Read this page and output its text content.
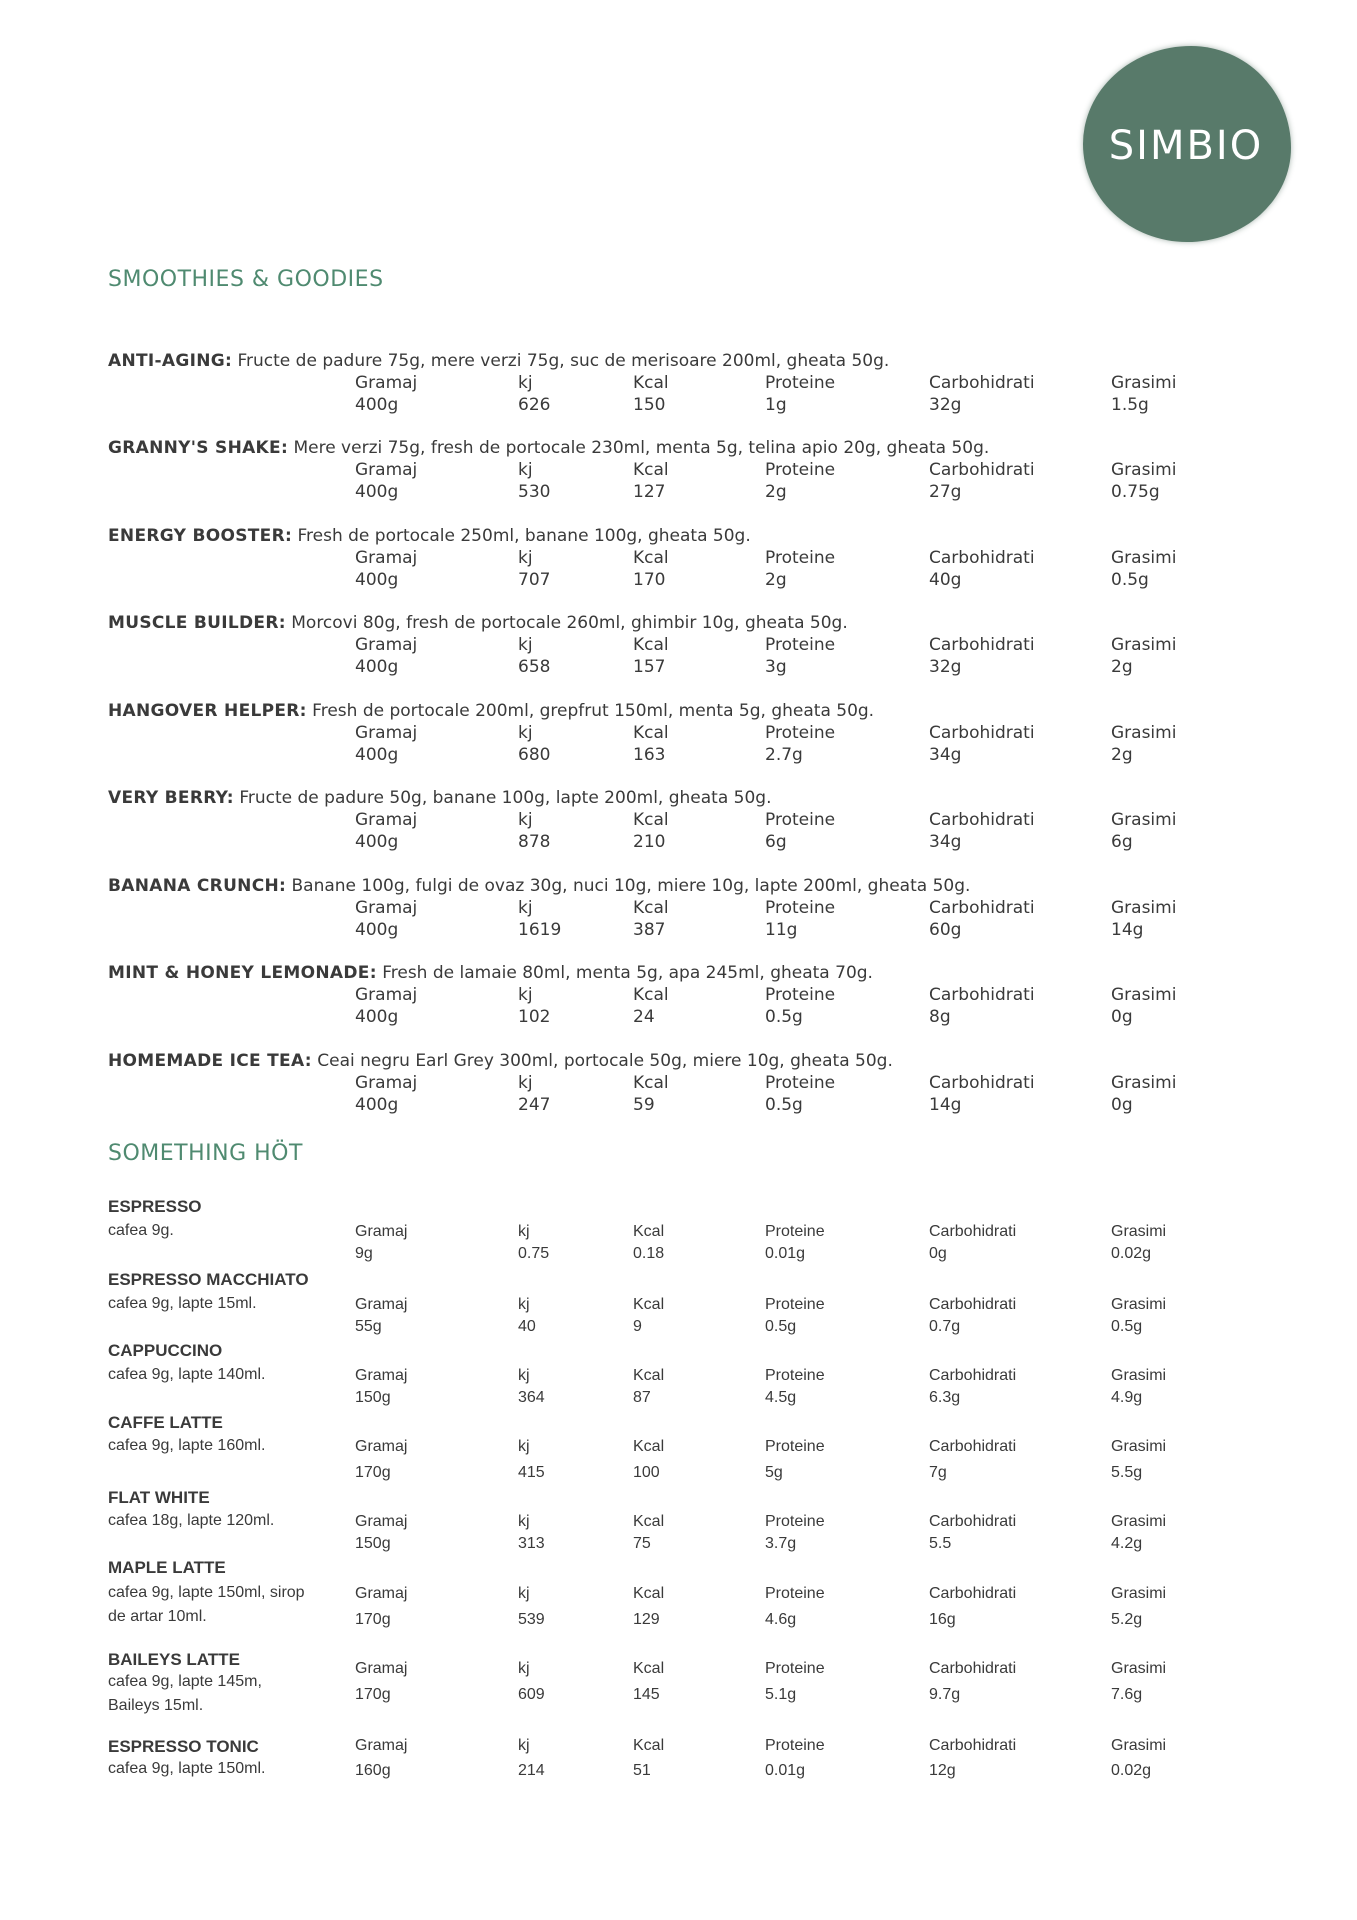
SIMBIO
SMOOTHIES & GOODIES
SOMETHING HÖT
ANTI-AGING: Fructe de padure 75g, mere verzi 75g, suc de merisoare 200ml, gheata 50g.
Gramaj	kj	Kcal	Proteine	Carbohidrati	Grasimi
400g	626	150	1g	32g	1.5g
GRANNY'S SHAKE: Mere verzi 75g, fresh de portocale 230ml, menta 5g, telina apio 20g, gheata 50g.
Gramaj	kj	Kcal	Proteine	Carbohidrati	Grasimi
400g	530	127	2g	27g	0.75g
ENERGY BOOSTER: Fresh de portocale 250ml, banane 100g, gheata 50g.
Gramaj	kj	Kcal	Proteine	Carbohidrati	Grasimi
400g	707	170	2g	40g	0.5g
MUSCLE BUILDER: Morcovi 80g, fresh de portocale 260ml, ghimbir 10g, gheata 50g.
Gramaj	kj	Kcal	Proteine	Carbohidrati	Grasimi
400g	658	157	3g	32g	2g
HANGOVER HELPER: Fresh de portocale 200ml, grepfrut 150ml, menta 5g, gheata 50g.
Gramaj	kj	Kcal	Proteine	Carbohidrati	Grasimi
400g	680	163	2.7g	34g	2g
VERY BERRY: Fructe de padure 50g, banane 100g, lapte 200ml, gheata 50g.
Gramaj	kj	Kcal	Proteine	Carbohidrati	Grasimi
400g	878	210	6g	34g	6g
BANANA CRUNCH: Banane 100g, fulgi de ovaz 30g, nuci 10g, miere 10g, lapte 200ml, gheata 50g.
Gramaj	kj	Kcal	Proteine	Carbohidrati	Grasimi
400g	1619	387	11g	60g	14g
MINT & HONEY LEMONADE: Fresh de lamaie 80ml, menta 5g, apa 245ml, gheata 70g.
Gramaj	kj	Kcal	Proteine	Carbohidrati	Grasimi
400g	102	24	0.5g	8g	0g
HOMEMADE ICE TEA: Ceai negru Earl Grey 300ml, portocale 50g, miere 10g, gheata 50g.
Gramaj	kj	Kcal	Proteine	Carbohidrati	Grasimi
400g	247	59	0.5g	14g	0g
ESPRESSO
cafea 9g.	Gramaj	kj	Kcal	Proteine	Carbohidrati	Grasimi
9g	0.75	0.18	0.01g	0g	0.02g
ESPRESSO MACCHIATO
cafea 9g, lapte 15ml.	Gramaj	kj	Kcal	Proteine	Carbohidrati	Grasimi
55g	40	9	0.5g	0.7g	0.5g
CAPPUCCINO
cafea 9g, lapte 140ml.	Gramaj	kj	Kcal	Proteine	Carbohidrati	Grasimi
150g	364	87	4.5g	6.3g	4.9g
CAFFE LATTE
cafea 9g, lapte 160ml.	Gramaj	kj	Kcal	Proteine	Carbohidrati	Grasimi
170g	415	100	5g	7g	5.5g
FLAT WHITE
cafea 18g, lapte 120ml.	Gramaj	kj	Kcal	Proteine	Carbohidrati	Grasimi
150g	313	75	3.7g	5.5	4.2g
MAPLE LATTE
cafea 9g, lapte 150ml, sirop de artar 10ml.
Gramaj	kj	Kcal	Proteine	Carbohidrati	Grasimi
170g	539	129	4.6g	16g	5.2g
BAILEYS LATTE
cafea 9g, lapte 145m, Baileys 15ml.
Gramaj	kj	Kcal	Proteine	Carbohidrati	Grasimi
170g	609	145	5.1g	9.7g	7.6g
ESPRESSO TONIC
cafea 9g, lapte 150ml.
Gramaj	kj	Kcal	Proteine	Carbohidrati	Grasimi
160g	214	51	0.01g	12g	0.02g
